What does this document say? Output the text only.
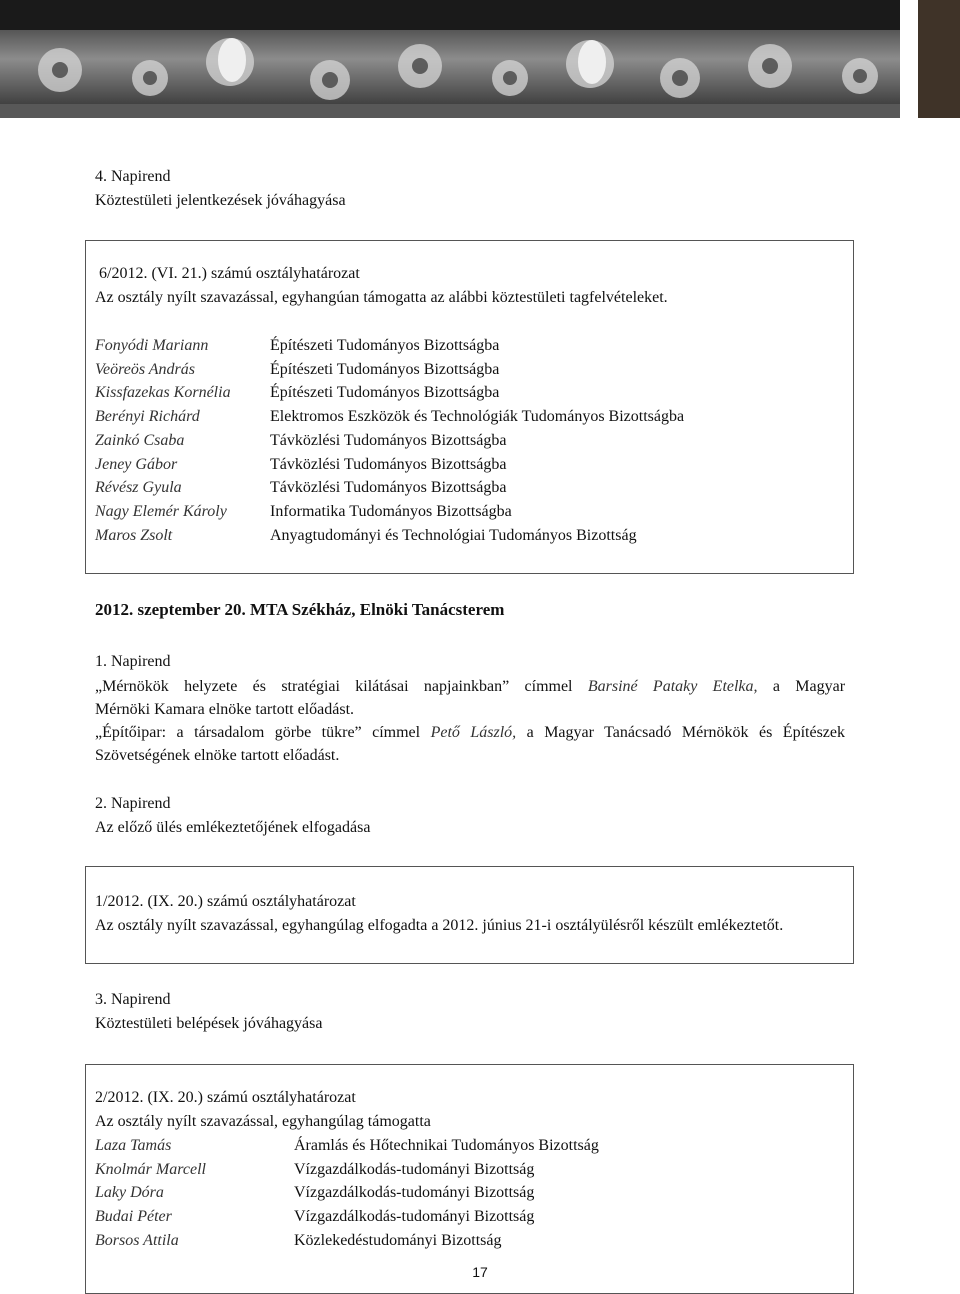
4. Napirend
Köztestületi jelentkezések jóváhagyása
6/2012. (VI. 21.) számú osztályhatározat
Az osztály nyílt szavazással, egyhangúan támogatta az alábbi köztestületi tagfelvételeket.
Fonyódi Mariann	Építészeti Tudományos Bizottságba
Veöreös András	Építészeti Tudományos Bizottságba
Kissfazekas Kornélia Építészeti Tudományos Bizottságba
Berényi Richárd	Elektromos Eszközök és Technológiák Tudományos Bizottságba
Zainkó Csaba	Távközlési Tudományos Bizottságba
Jeney Gábor	Távközlési Tudományos Bizottságba
Révész Gyula	Távközlési Tudományos Bizottságba
Nagy Elemér Károly	Informatika Tudományos Bizottságba
Maros Zsolt	Anyagtudományi és Technológiai Tudományos Bizottság
2012. szeptember 20. MTA Székház, Elnöki Tanácsterem
1. Napirend
„Mérnökök helyzete és stratégiai kilátásai napjainkban” címmel Barsiné Pataky Etelka, a Magyar
Mérnöki Kamara elnöke tartott előadást.
„Építőipar: a társadalom görbe tükre” címmel Pető László, a Magyar Tanácsadó Mérnökök és Építészek
Szövetségének elnöke tartott előadást.
2. Napirend
Az előző ülés emlékeztetőjének elfogadása
1/2012. (IX. 20.) számú osztályhatározat
Az osztály nyílt szavazással, egyhangúlag elfogadta a 2012. június 21-i osztályülésről készült emlékeztetőt.
3. Napirend
Köztestületi belépések jóváhagyása
2/2012. (IX. 20.) számú osztályhatározat
Az osztály nyílt szavazással, egyhangúlag támogatta
Laza Tamás	Áramlás és Hőtechnikai Tudományos Bizottság
Knolmár Marcell	Vízgazdálkodás-tudományi Bizottság
Laky Dóra	Vízgazdálkodás-tudományi Bizottság
Budai Péter	Vízgazdálkodás-tudományi Bizottság
Borsos Attila	Közlekedéstudományi Bizottság
17
